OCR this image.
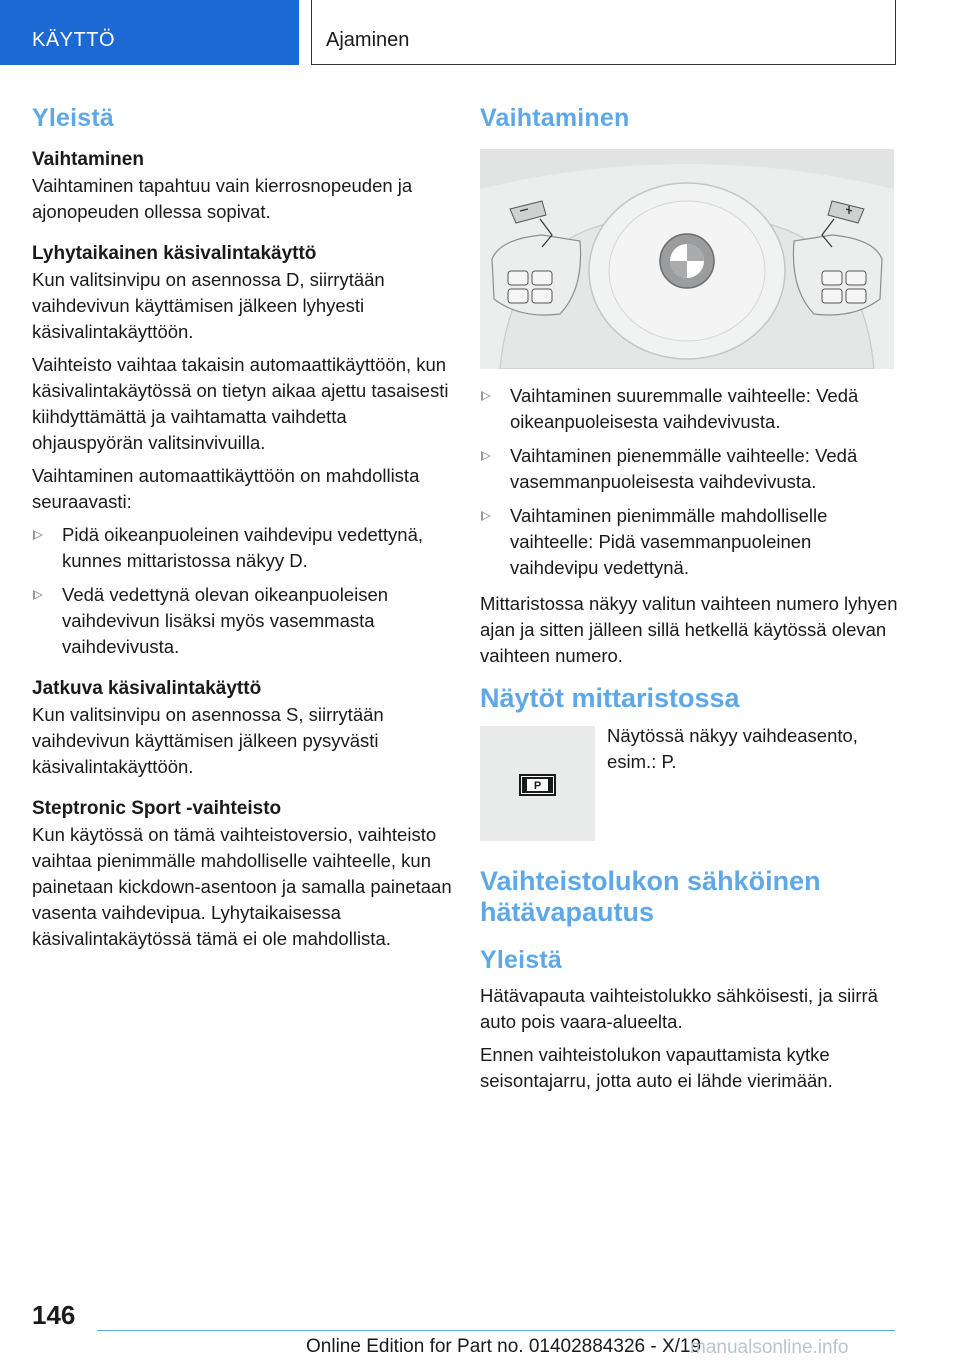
KÄYTTÖ	Ajaminen
Yleistä
Vaihtaminen

Vaihtaminen tapahtuu vain kierrosnopeuden ja ajonopeuden ollessa sopivat.

Lyhytaikainen käsivalintakäyttö

Kun valitsinvipu on asennossa D, siirrytään vaihdevivun käyttämisen jälkeen lyhyesti käsivalintakäyttöön.

Vaihteisto vaihtaa takaisin automaattikäyttöön, kun käsivalintakäytössä on tietyn aikaa ajettu tasaisesti kiihdyttämättä ja vaihtamatta vaihdetta ohjauspyörän valitsinvivuilla.

Vaihtaminen automaattikäyttöön on mahdollista seuraavasti:

Pidä oikeanpuoleinen vaihdevipu vedettynä, kunnes mittaristossa näkyy D.
Vedä vedettynä olevan oikeanpuoleisen vaihdevivun lisäksi myös vasemmasta vaihdevivusta.
Jatkuva käsivalintakäyttö

Kun valitsinvipu on asennossa S, siirrytään vaihdevivun käyttämisen jälkeen pysyvästi käsivalintakäyttöön.

Steptronic Sport -vaihteisto

Kun käytössä on tämä vaihteistoversio, vaihteisto vaihtaa pienimmälle mahdolliselle vaihteelle, kun painetaan kickdown-asentoon ja samalla painetaan vasenta vaihdevipua. Lyhytaikaisessa käsivalintakäytössä tämä ei ole mahdollista.

Vaihtaminen
Vaihtaminen suuremmalle vaihteelle: Vedä oikeanpuoleisesta vaihdevivusta.
Vaihtaminen pienemmälle vaihteelle: Vedä vasemmanpuoleisesta vaihdevivusta.
Vaihtaminen pienimmälle mahdolliselle vaihteelle: Pidä vasemmanpuoleinen vaihdevipu vedettynä.

Mittaristossa näkyy valitun vaihteen numero lyhyen ajan ja sitten jälleen sillä hetkellä käytössä olevan vaihteen numero.

Näytöt mittaristossa
P

Näytössä näkyy vaihdeasento, esim.: P.

Vaihteistolukon sähköinen hätävapautus
Yleistä

Hätävapauta vaihteistolukko sähköisesti, ja siirrä auto pois vaara-alueelta.

Ennen vaihteistolukon vapauttamista kytke seisontajarru, jotta auto ei lähde vierimään.

146
Online Edition for Part no. 01402884326 - X/19
manualsonline.info
